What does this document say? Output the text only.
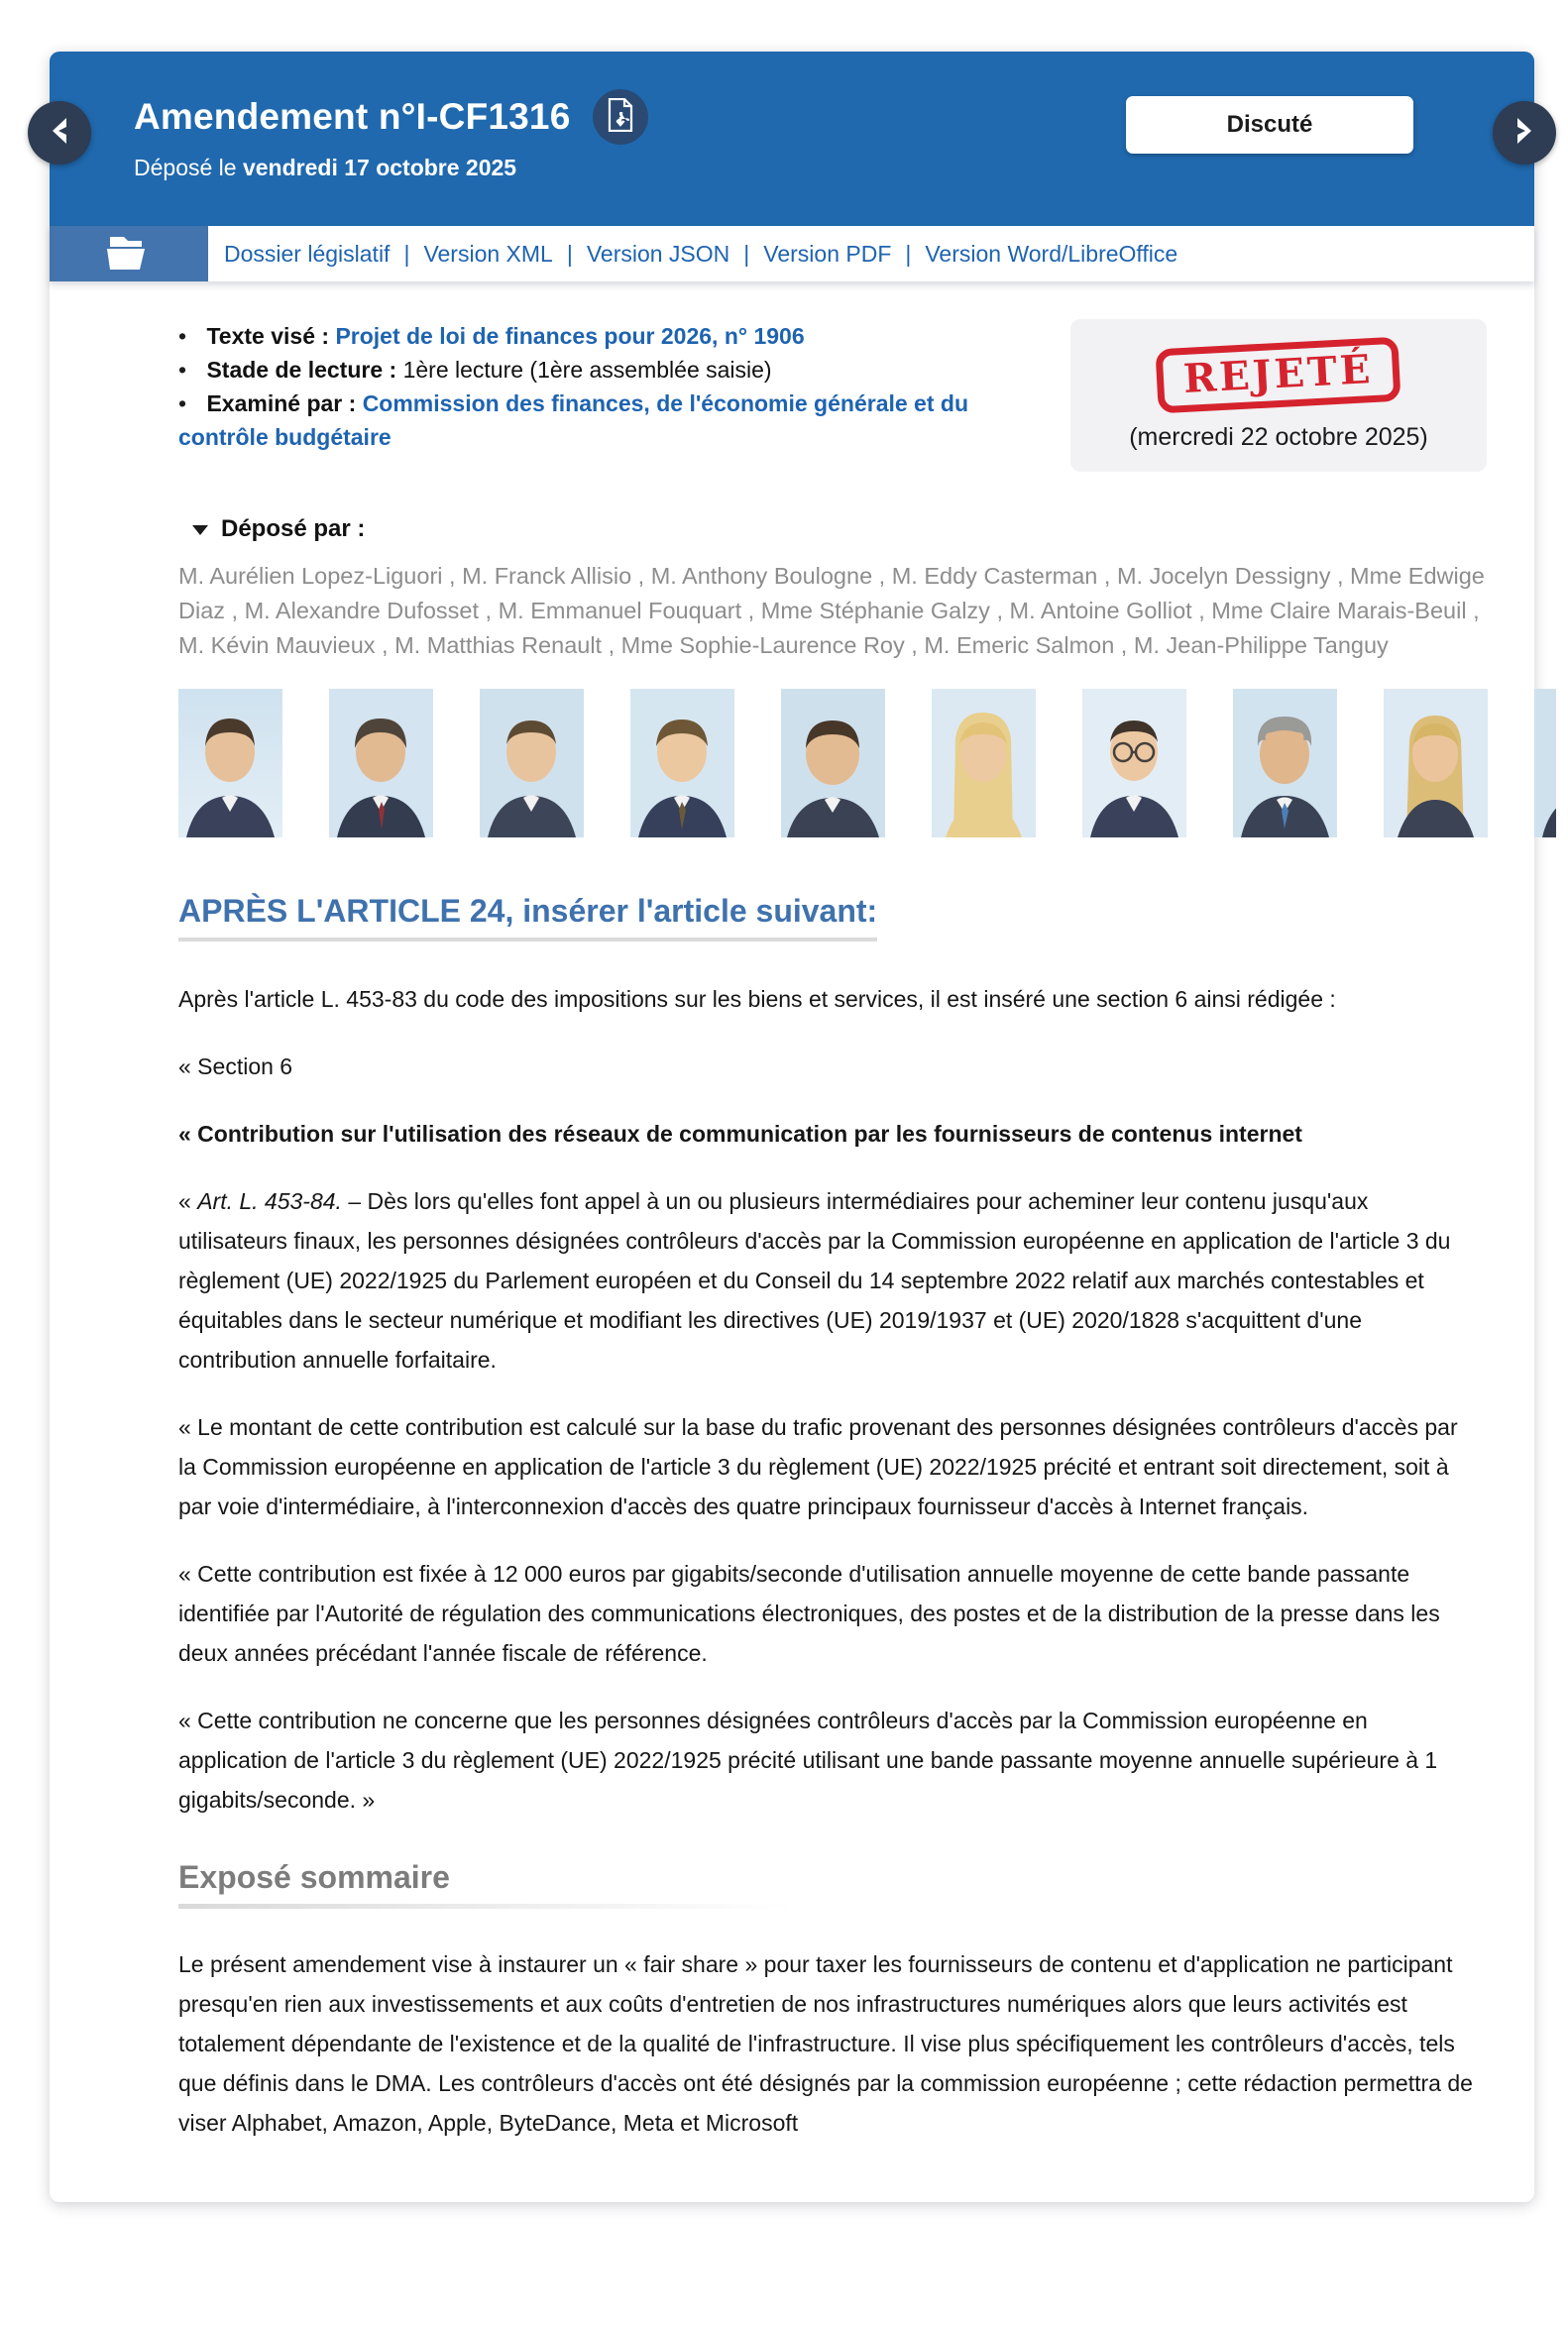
Amendement n°I-CF1316
Déposé le vendredi 17 octobre 2025
Discuté
Dossier législatif |	Version XML |	Version JSON |	Version PDF |	Version Word/LibreOffice
• Texte visé : Projet de loi de finances pour 2026, n° 1906
• Stade de lecture : 1ère lecture (1ère assemblée saisie)
• Examiné par : Commission des finances, de l'économie générale et du contrôle budgétaire
REJETÉ
(mercredi 22 octobre 2025)
Déposé par :

M. Aurélien Lopez-Liguori , M. Franck Allisio , M. Anthony Boulogne , M. Eddy Casterman , M. Jocelyn Dessigny , Mme Edwige Diaz , M. Alexandre Dufosset , M. Emmanuel Fouquart , Mme Stéphanie Galzy , M. Antoine Golliot , Mme Claire Marais-Beuil , M. Kévin Mauvieux , M. Matthias Renault , Mme Sophie-Laurence Roy , M. Emeric Salmon , M. Jean-Philippe Tanguy

APRÈS L'ARTICLE 24, insérer l'article suivant:

Après l'article L. 453-83 du code des impositions sur les biens et services, il est inséré une section 6 ainsi rédigée :

« Section 6

« Contribution sur l'utilisation des réseaux de communication par les fournisseurs de contenus internet

« Art. L. 453-84. – Dès lors qu'elles font appel à un ou plusieurs intermédiaires pour acheminer leur contenu jusqu'aux utilisateurs finaux, les personnes désignées contrôleurs d'accès par la Commission européenne en application de l'article 3 du règlement (UE) 2022/1925 du Parlement européen et du Conseil du 14 septembre 2022 relatif aux marchés contestables et équitables dans le secteur numérique et modifiant les directives (UE) 2019/1937 et (UE) 2020/1828 s'acquittent d'une contribution annuelle forfaitaire.

« Le montant de cette contribution est calculé sur la base du trafic provenant des personnes désignées contrôleurs d'accès par la Commission européenne en application de l'article 3 du règlement (UE) 2022/1925 précité et entrant soit directement, soit à par voie d'intermédiaire, à l'interconnexion d'accès des quatre principaux fournisseur d'accès à Internet français.

« Cette contribution est fixée à 12 000 euros par gigabits/seconde d'utilisation annuelle moyenne de cette bande passante identifiée par l'Autorité de régulation des communications électroniques, des postes et de la distribution de la presse dans les deux années précédant l'année fiscale de référence.

« Cette contribution ne concerne que les personnes désignées contrôleurs d'accès par la Commission européenne en application de l'article 3 du règlement (UE) 2022/1925 précité utilisant une bande passante moyenne annuelle supérieure à 1 gigabits/seconde. »

Exposé sommaire

Le présent amendement vise à instaurer un « fair share » pour taxer les fournisseurs de contenu et d'application ne participant presqu'en rien aux investissements et aux coûts d'entretien de nos infrastructures numériques alors que leurs activités est totalement dépendante de l'existence et de la qualité de l'infrastructure. Il vise plus spécifiquement les contrôleurs d'accès, tels que définis dans le DMA. Les contrôleurs d'accès ont été désignés par la commission européenne ; cette rédaction permettra de viser Alphabet, Amazon, Apple, ByteDance, Meta et Microsoft
